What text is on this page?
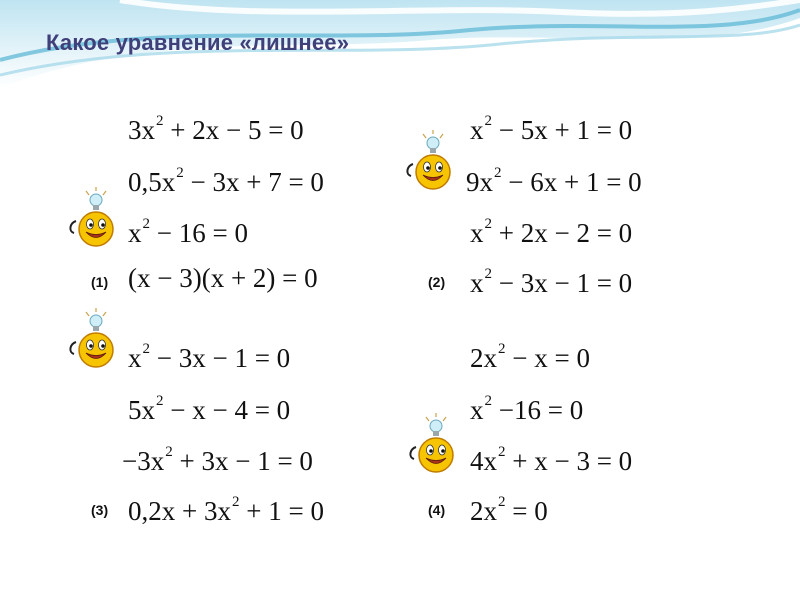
Какое уравнение «лишнее»
$3x^2 + 2x - 5 = 0$
$0,5x^2 - 3x + 7 = 0$
$x^2 - 16 = 0$
(x − 3)(x + 2) = 0
(1)
$x^2 - 5x + 1 = 0$
$9x^2 - 6x + 1 = 0$
$x^2 + 2x - 2 = 0$
$x^2 - 3x - 1 = 0$
(2)
$x^2 - 3x - 1 = 0$
$5x^2 - x - 4 = 0$
$-3x^2 + 3x - 1 = 0$
$0,2x + 3x^2 + 1 = 0$
(3)
$2x^2 - x = 0$
$x^2 -16 = 0$
$4x^2 + x - 3 = 0$
$2x^2 = 0$
(4)
